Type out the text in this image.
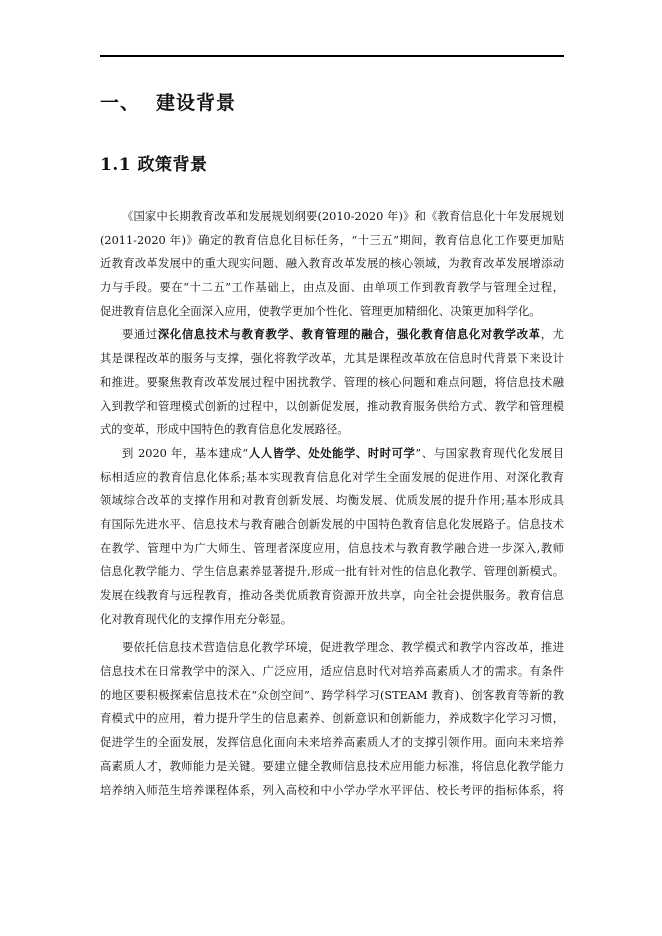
一、 建设背景
1.1 政策背景
《国家中长期教育改革和发展规划纲要(2010-2020 年)》和《教育信息化十年发展规划
(2011-2020 年)》确定的教育信息化目标任务，“十三五”期间，教育信息化工作要更加贴
近教育改革发展中的重大现实问题、融入教育改革发展的核心领域，为教育改革发展增添动
力与手段。要在“十二五”工作基础上，由点及面、由单项工作到教育教学与管理全过程，
促进教育信息化全面深入应用，使教学更加个性化、管理更加精细化、决策更加科学化。
要通过深化信息技术与教育教学、教育管理的融合，强化教育信息化对教学改革，尤
其是课程改革的服务与支撑，强化将教学改革，尤其是课程改革放在信息时代背景下来设计
和推进。要聚焦教育改革发展过程中困扰教学、管理的核心问题和难点问题，将信息技术融
入到教学和管理模式创新的过程中，以创新促发展，推动教育服务供给方式、教学和管理模
式的变革，形成中国特色的教育信息化发展路径。
到 2020 年，基本建成“人人皆学、处处能学、时时可学”、与国家教育现代化发展目
标相适应的教育信息化体系;基本实现教育信息化对学生全面发展的促进作用、对深化教育
领域综合改革的支撑作用和对教育创新发展、均衡发展、优质发展的提升作用;基本形成具
有国际先进水平、信息技术与教育融合创新发展的中国特色教育信息化发展路子。信息技术
在教学、管理中为广大师生、管理者深度应用，信息技术与教育教学融合进一步深入,教师
信息化教学能力、学生信息素养显著提升,形成一批有针对性的信息化教学、管理创新模式。
发展在线教育与远程教育，推动各类优质教育资源开放共享，向全社会提供服务。教育信息
化对教育现代化的支撑作用充分彰显。
要依托信息技术营造信息化教学环境，促进教学理念、教学模式和教学内容改革，推进
信息技术在日常教学中的深入、广泛应用，适应信息时代对培养高素质人才的需求。有条件
的地区要积极探索信息技术在“众创空间”、跨学科学习(STEAM 教育)、创客教育等新的教
育模式中的应用，着力提升学生的信息素养、创新意识和创新能力，养成数字化学习习惯，
促进学生的全面发展，发挥信息化面向未来培养高素质人才的支撑引领作用。面向未来培养
高素质人才，教师能力是关键。要建立健全教师信息技术应用能力标准，将信息化教学能力
培养纳入师范生培养课程体系，列入高校和中小学办学水平评估、校长考评的指标体系，将
